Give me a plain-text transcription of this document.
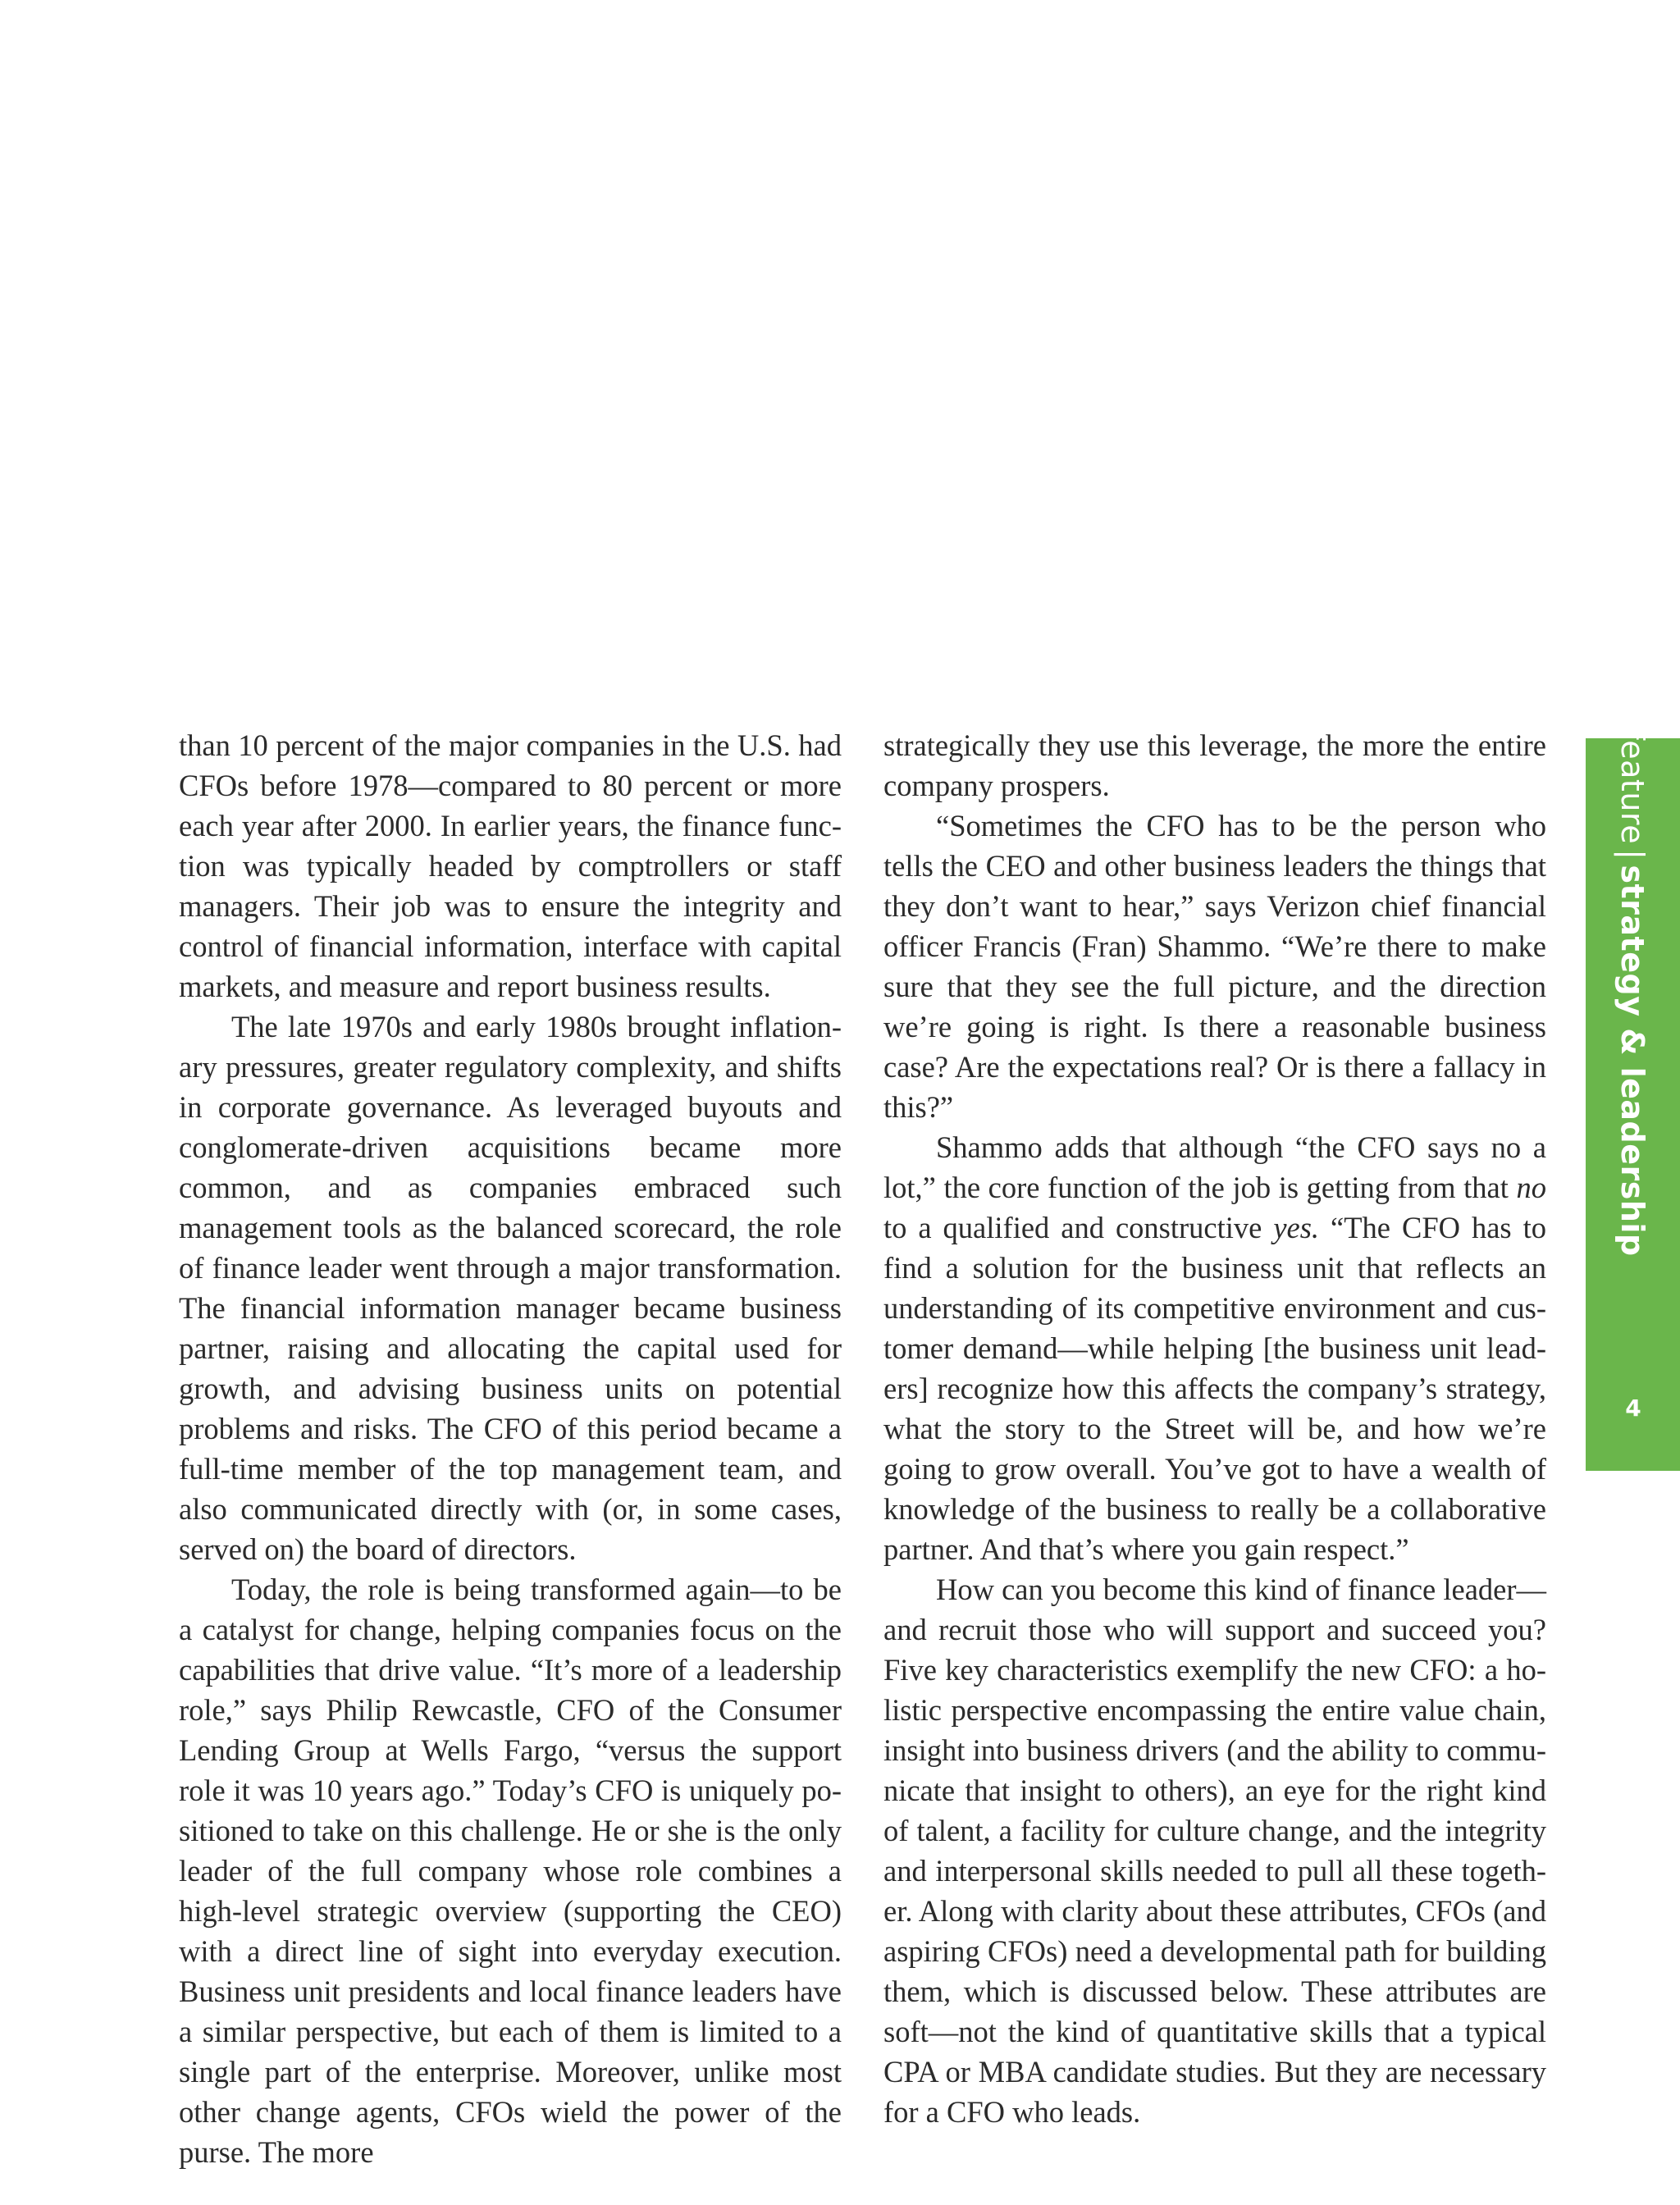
than 10 percent of the major companies in the U.S. had CFOs before 1978—compared to 80 percent or more each year after 2000. In earlier years, the finance function was typically headed by comptrollers or staff managers. Their job was to ensure the integrity and control of financial information, interface with capital markets, and measure and report business results.

The late 1970s and early 1980s brought inflationary pressures, greater regulatory complexity, and shifts in corporate governance. As leveraged buyouts and conglomerate-driven acquisitions became more common, and as companies embraced such management tools as the balanced scorecard, the role of finance leader went through a major transformation. The financial information manager became business partner, raising and allocating the capital used for growth, and advising business units on potential problems and risks. The CFO of this period became a full-time member of the top management team, and also communicated directly with (or, in some cases, served on) the board of directors.

Today, the role is being transformed again—to be a catalyst for change, helping companies focus on the capabilities that drive value. “It’s more of a leadership role,” says Philip Rewcastle, CFO of the Consumer Lending Group at Wells Fargo, “versus the support role it was 10 years ago.” Today’s CFO is uniquely positioned to take on this challenge. He or she is the only leader of the full company whose role combines a high-level strategic overview (supporting the CEO) with a direct line of sight into everyday execution. Business unit presidents and local finance leaders have a similar perspective, but each of them is limited to a single part of the enterprise. Moreover, unlike most other change agents, CFOs wield the power of the purse. The more

strategically they use this leverage, the more the entire company prospers.

“Sometimes the CFO has to be the person who tells the CEO and other business leaders the things that they don’t want to hear,” says Verizon chief financial officer Francis (Fran) Shammo. “We’re there to make sure that they see the full picture, and the direction we’re going is right. Is there a reasonable business case? Are the expectations real? Or is there a fallacy in this?”

Shammo adds that although “the CFO says no a lot,” the core function of the job is getting from that no to a qualified and constructive yes. “The CFO has to find a solution for the business unit that reflects an understanding of its competitive environment and customer demand—while helping [the business unit leaders] recognize how this affects the company’s strategy, what the story to the Street will be, and how we’re going to grow overall. You’ve got to have a wealth of knowledge of the business to really be a collaborative partner. And that’s where you gain respect.”

How can you become this kind of finance leader—and recruit those who will support and succeed you? Five key characteristics exemplify the new CFO: a holistic perspective encompassing the entire value chain, insight into business drivers (and the ability to communicate that insight to others), an eye for the right kind of talent, a facility for culture change, and the integrity and interpersonal skills needed to pull all these together. Along with clarity about these attributes, CFOs (and aspiring CFOs) need a developmental path for building them, which is discussed below. These attributes are soft—not the kind of quantitative skills that a typical CPA or MBA candidate studies. But they are necessary for a CFO who leads.

feature|strategy & leadership
4
